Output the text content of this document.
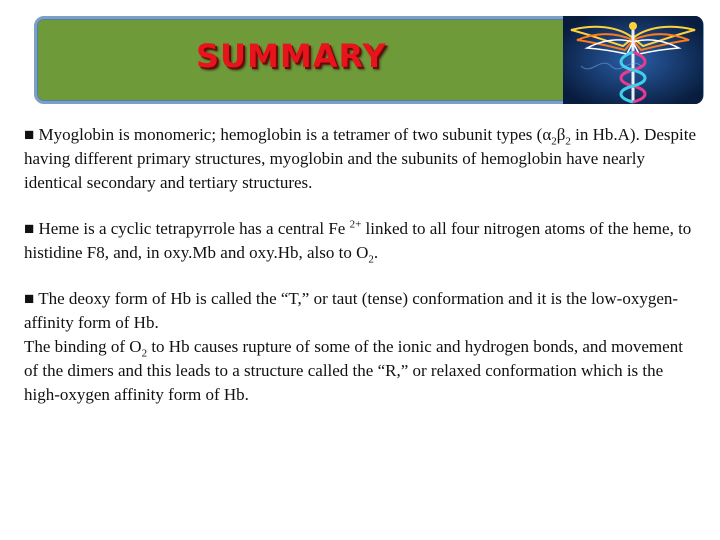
SUMMARY

■ Myoglobin is monomeric; hemoglobin is a tetramer of two subunit types ($\alpha_2\beta_2$ in Hb.A). Despite having different primary structures, myoglobin and the subunits of hemoglobin have nearly identical secondary and tertiary structures.

■ Heme is a cyclic tetrapyrrole has a central Fe $^{2+}$ linked to all four nitrogen atoms of the heme, to histidine F8, and, in oxy.Mb and oxy.Hb, also to $O_2$.

■ The deoxy form of Hb is called the “T,” or taut (tense) conformation and it is the low-oxygen-affinity form of Hb.

The binding of $O_2$ to Hb causes rupture of some of the ionic and hydrogen bonds, and movement of the dimers and this leads to a structure called the “R,” or relaxed conformation which is the high-oxygen affinity form of Hb.
